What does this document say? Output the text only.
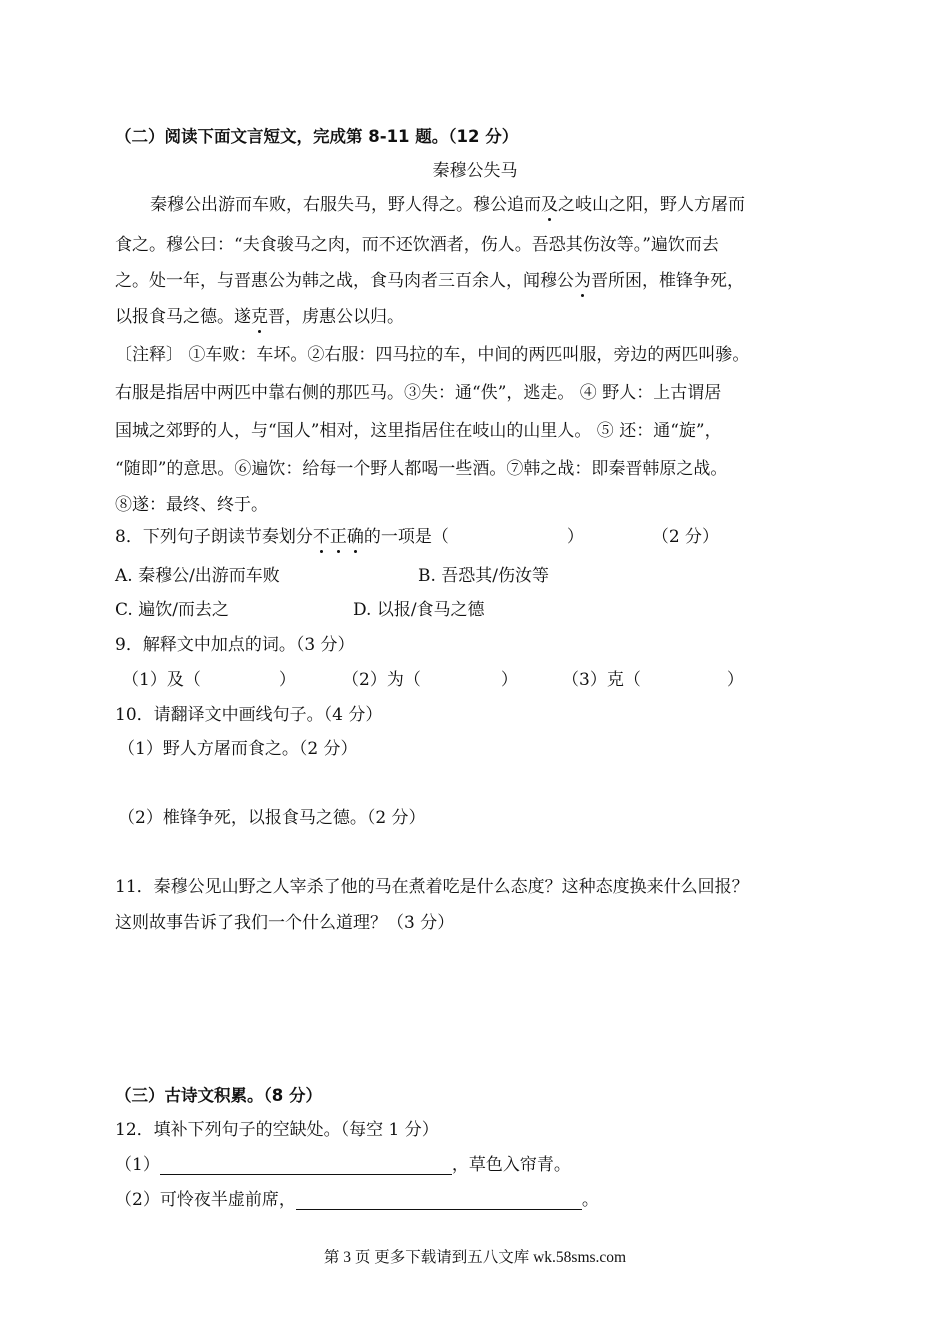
（二）阅读下面文言短文，完成第 8-11 题。（12 分）
秦穆公失马
秦穆公出游而车败，右服失马，野人得之。穆公追而及之岐山之阳，野人方屠而
食之。穆公曰：“夫食骏马之肉，而不还饮酒者，伤人。吾恐其伤汝等。”遍饮而去
之。处一年，与晋惠公为韩之战，食马肉者三百余人，闻穆公为晋所困，椎锋争死，
以报食马之德。遂克晋，虏惠公以归。
〔注释〕 ①车败：车坏。②右服：四马拉的车，中间的两匹叫服，旁边的两匹叫骖。
右服是指居中两匹中靠右侧的那匹马。③失：通“佚”，逃走。 ④ 野人：上古谓居
国城之郊野的人，与“国人”相对，这里指居住在岐山的山里人。 ⑤ 还：通“旋”，
“随即”的意思。⑥遍饮：给每一个野人都喝一些酒。⑦韩之战：即秦晋韩原之战。
⑧遂：最终、终于。
8．下列句子朗读节奏划分不正确的一项是（	）	（2 分）
A. 秦穆公/出游而车败	B. 吾恐其/伤汝等
C. 遍饮/而去之	D. 以报/食马之德
9．解释文中加点的词。（3 分）
（1）及（	）	（2）为（	）	（3）克（	）
10．请翻译文中画线句子。（4 分）
（1）野人方屠而食之。（2 分）
（2）椎锋争死，以报食马之德。（2 分）
11．秦穆公见山野之人宰杀了他的马在煮着吃是什么态度？这种态度换来什么回报？
这则故事告诉了我们一个什么道理？（3 分）
（三）古诗文积累。（8 分）
12．填补下列句子的空缺处。（每空 1 分）
（1）	，草色入帘青。
（2）可怜夜半虚前席，	。
第 3 页 更多下载请到五八文库 wk.58sms.com
